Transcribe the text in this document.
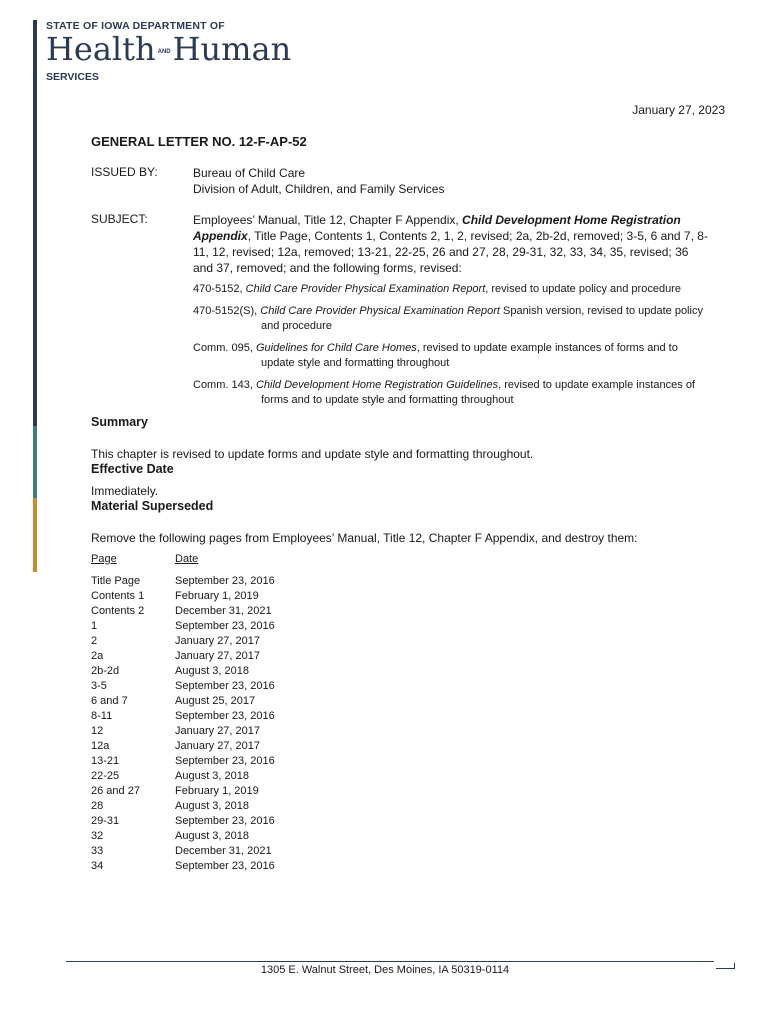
STATE OF IOWA DEPARTMENT OF
Health ANDHuman
SERVICES
January 27, 2023

GENERAL LETTER NO. 12-F-AP-52

ISSUED BY:	Bureau of Child Care
Division of Adult, Children, and Family Services
SUBJECT:	Employees’ Manual, Title 12, Chapter F Appendix, Child Development Home Registration Appendix, Title Page, Contents 1, Contents 2, 1, 2, revised; 2a, 2b-2d, removed; 3-5, 6 and 7, 8-11, 12, revised; 12a, removed; 13-21, 22-25, 26 and 27, 28, 29-31, 32, 33, 34, 35, revised; 36 and 37, removed; and the following forms, revised:
470-5152, Child Care Provider Physical Examination Report, revised to update policy and procedure
470-5152(S), Child Care Provider Physical Examination Report Spanish version, revised to update policy and procedure
Comm. 095, Guidelines for Child Care Homes, revised to update example instances of forms and to update style and formatting throughout
Comm. 143, Child Development Home Registration Guidelines, revised to update example instances of forms and to update style and formatting throughout
Summary

This chapter is revised to update forms and update style and formatting throughout.

Effective Date

Immediately.

Material Superseded

Remove the following pages from Employees’ Manual, Title 12, Chapter F Appendix, and destroy them:

Page	Date
Title Page	September 23, 2016
Contents 1	February 1, 2019
Contents 2	December 31, 2021
1	September 23, 2016
2	January 27, 2017
2a	January 27, 2017
2b-2d	August 3, 2018
3-5	September 23, 2016
6 and 7	August 25, 2017
8-11	September 23, 2016
12	January 27, 2017
12a	January 27, 2017
13-21	September 23, 2016
22-25	August 3, 2018
26 and 27	February 1, 2019
28	August 3, 2018
29-31	September 23, 2016
32	August 3, 2018
33	December 31, 2021
34	September 23, 2016
1305 E. Walnut Street, Des Moines, IA 50319-0114
